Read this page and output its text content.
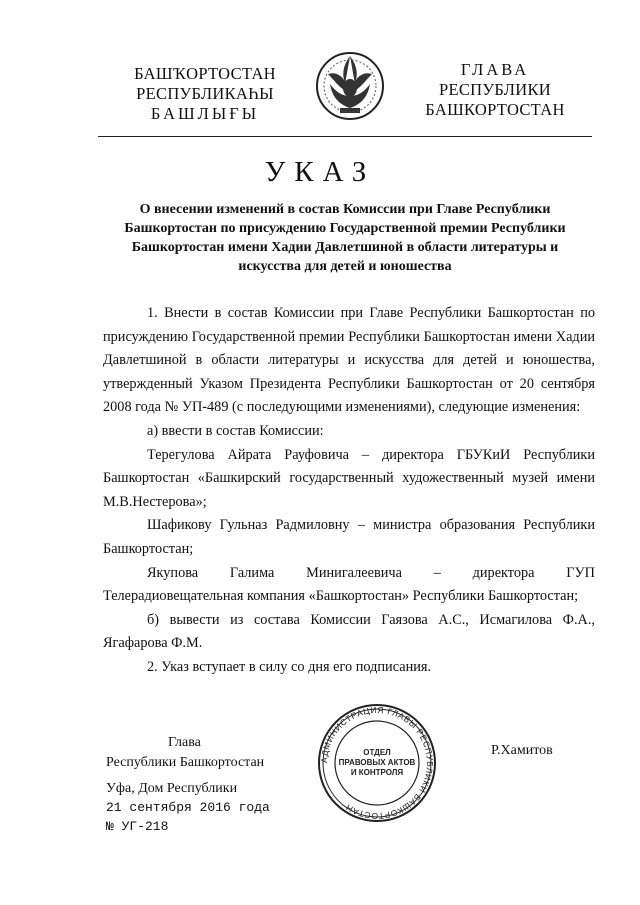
БАШҠОРТОСТАН
РЕСПУБЛИКАҺЫ
БАШЛЫҒЫ
ГЛАВА
РЕСПУБЛИКИ
БАШКОРТОСТАН
УКАЗ
О внесении изменений в состав Комиссии при Главе Республики Башкортостан по присуждению Государственной премии Республики Башкортостан имени Хадии Давлетшиной в области литературы и искусства для детей и юношества

1. Внести в состав Комиссии при Главе Республики Башкортостан по присуждению Государственной премии Республики Башкортостан имени Хадии Давлетшиной в области литературы и искусства для детей и юношества, утвержденный Указом Президента Республики Башкортостан от 20 сентября 2008 года № УП-489 (с последующими изменениями), следующие изменения:

а) ввести в состав Комиссии:

Терегулова Айрата Рауфовича – директора ГБУКиИ Республики Башкортостан «Башкирский государственный художественный музей имени М.В.Нестерова»;

Шафикову Гульназ Радмиловну – министра образования Республики Башкортостан;

Якупова Галима Минигалеевича – директора ГУП Телерадиовещательная компания «Башкортостан» Республики Башкортостан;

б) вывести из состава Комиссии Гаязова А.С., Исмагилова Ф.А., Ягафарова Ф.М.

2. Указ вступает в силу со дня его подписания.

Глава
Республики Башкортостан
Р.Хамитов
Уфа, Дом Республики
21 сентября 2016 года
№ УГ-218
АДМИНИСТРАЦИЯ ГЛАВЫ РЕСПУБЛИКИ БАШКОРТОСТАН
ОТДЕЛ
ПРАВОВЫХ АКТОВ
И КОНТРОЛЯ
